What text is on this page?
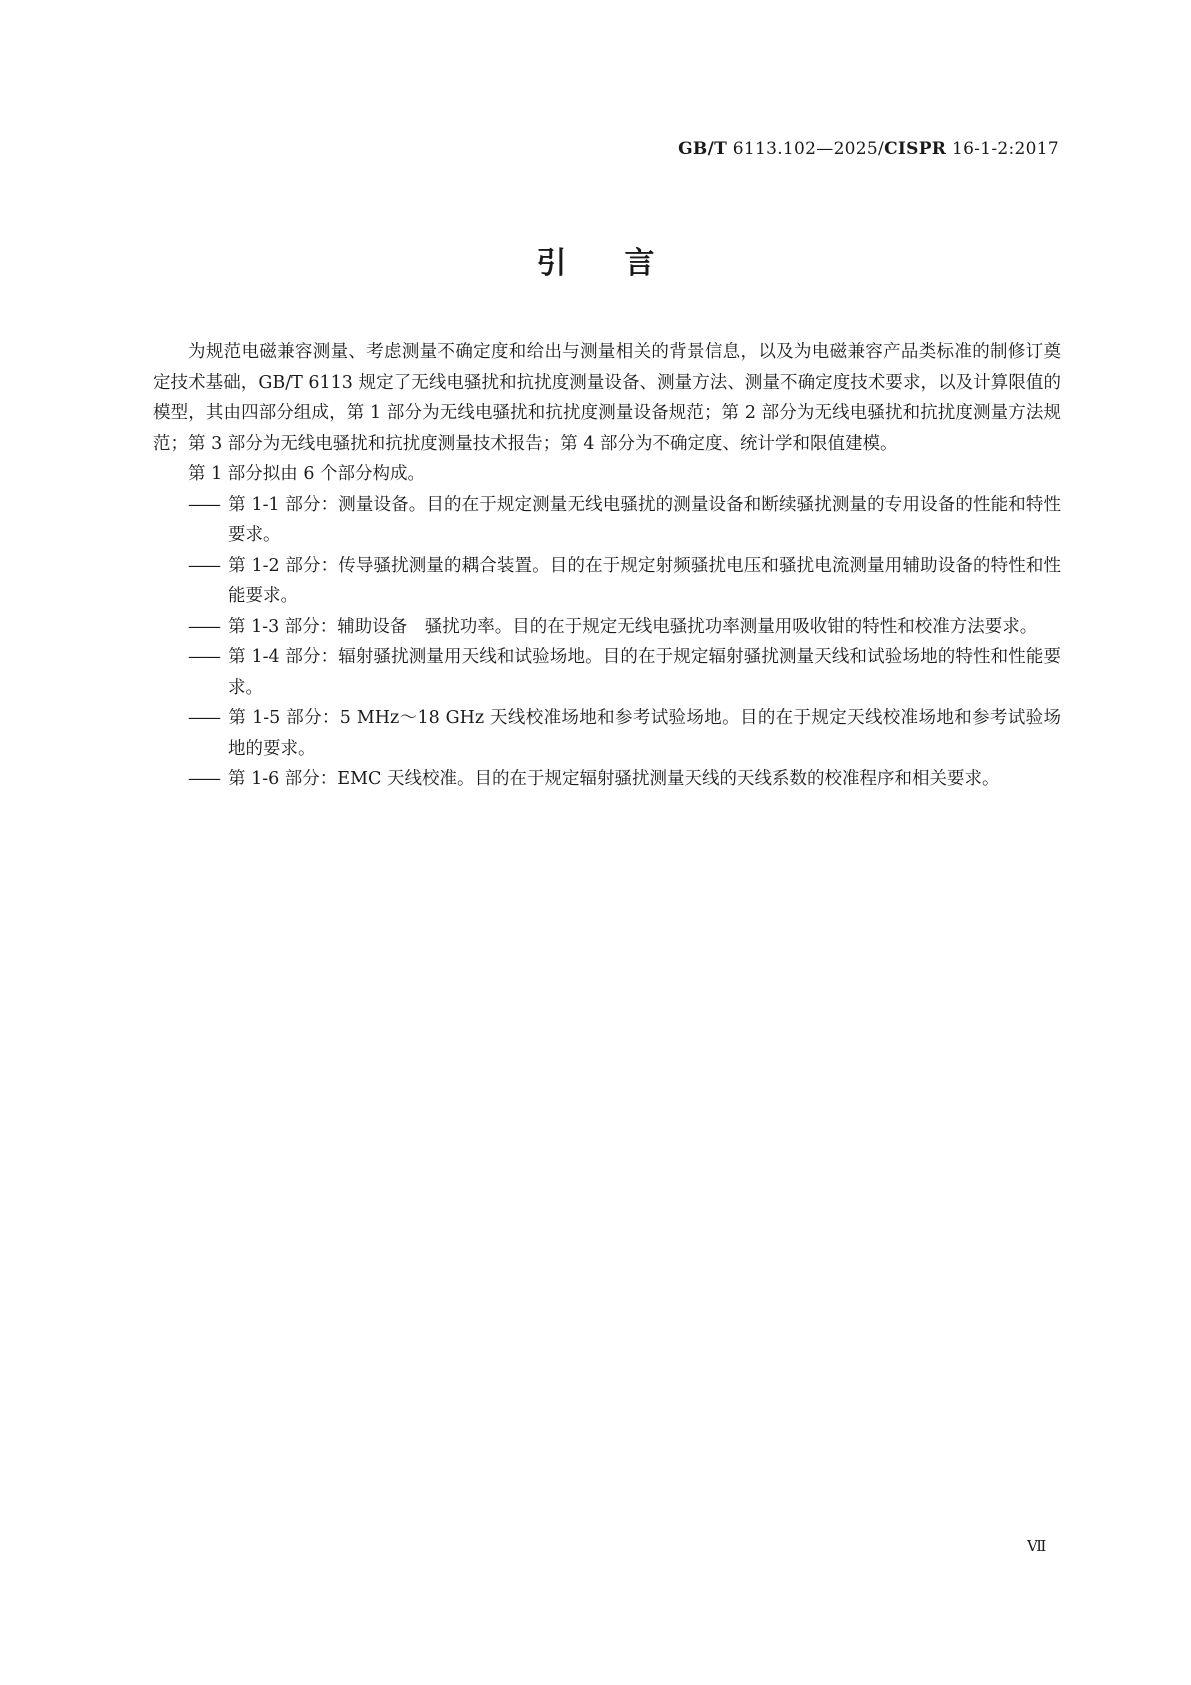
GB/T 6113.102—2025/CISPR 16-1-2:2017
引言

为规范电磁兼容测量、考虑测量不确定度和给出与测量相关的背景信息，以及为电磁兼容产品类标准的制修订奠定技术基础，GB/T 6113 规定了无线电骚扰和抗扰度测量设备、测量方法、测量不确定度技术要求，以及计算限值的模型，其由四部分组成，第 1 部分为无线电骚扰和抗扰度测量设备规范；第 2 部分为无线电骚扰和抗扰度测量方法规范；第 3 部分为无线电骚扰和抗扰度测量技术报告；第 4 部分为不确定度、统计学和限值建模。

第 1 部分拟由 6 个部分构成。

—— 第 1-1 部分：测量设备。目的在于规定测量无线电骚扰的测量设备和断续骚扰测量的专用设备的性能和特性要求。
—— 第 1-2 部分：传导骚扰测量的耦合装置。目的在于规定射频骚扰电压和骚扰电流测量用辅助设备的特性和性能要求。
—— 第 1-3 部分：辅助设备　骚扰功率。目的在于规定无线电骚扰功率测量用吸收钳的特性和校准方法要求。
—— 第 1-4 部分：辐射骚扰测量用天线和试验场地。目的在于规定辐射骚扰测量天线和试验场地的特性和性能要求。
—— 第 1-5 部分：5 MHz～18 GHz 天线校准场地和参考试验场地。目的在于规定天线校准场地和参考试验场地的要求。
—— 第 1-6 部分：EMC 天线校准。目的在于规定辐射骚扰测量天线的天线系数的校准程序和相关要求。
Ⅶ
